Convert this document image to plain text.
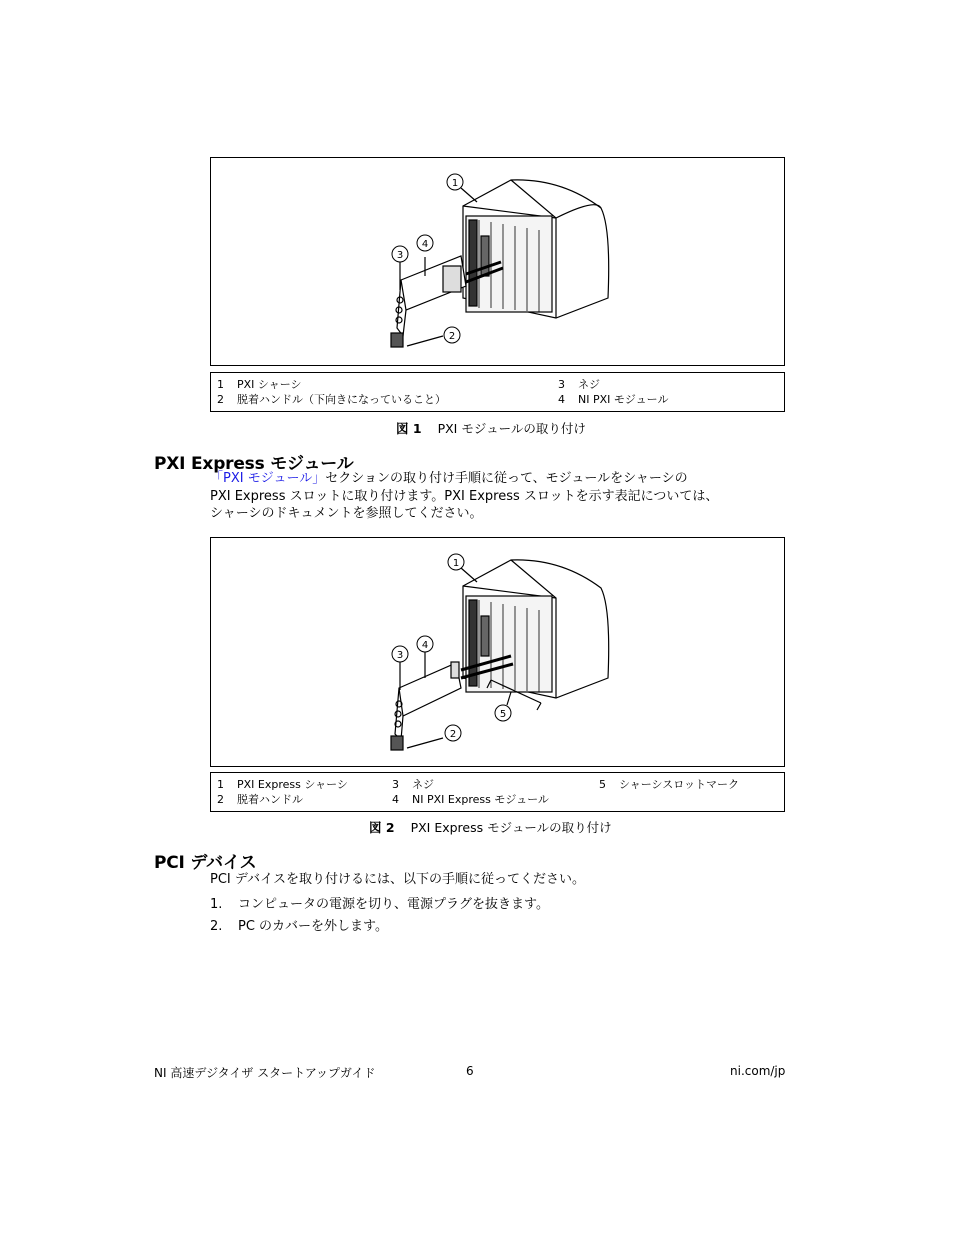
1
2
3
4
1 PXI シャーシ
2 脱着ハンドル（下向きになっていること）
3 ネジ
4 NI PXI モジュール
図 1 PXI モジュールの取り付け
PXI Express モジュール
「PXI モジュール」セクションの取り付け手順に従って、モジュールをシャーシの
PXI Express スロットに取り付けます。PXI Express スロットを示す表記については、
シャーシのドキュメントを参照してください。
1
2
3
4
5
1 PXI Express シャーシ
2 脱着ハンドル
3 ネジ
4 NI PXI Express モジュール
5 シャーシスロットマーク
図 2 PXI Express モジュールの取り付け
PCI デバイス
PCI デバイスを取り付けるには、以下の手順に従ってください。
1. コンピュータの電源を切り、電源プラグを抜きます。
2. PC のカバーを外します。
NI 高速デジタイザ スタートアップガイド	6	ni.com/jp
